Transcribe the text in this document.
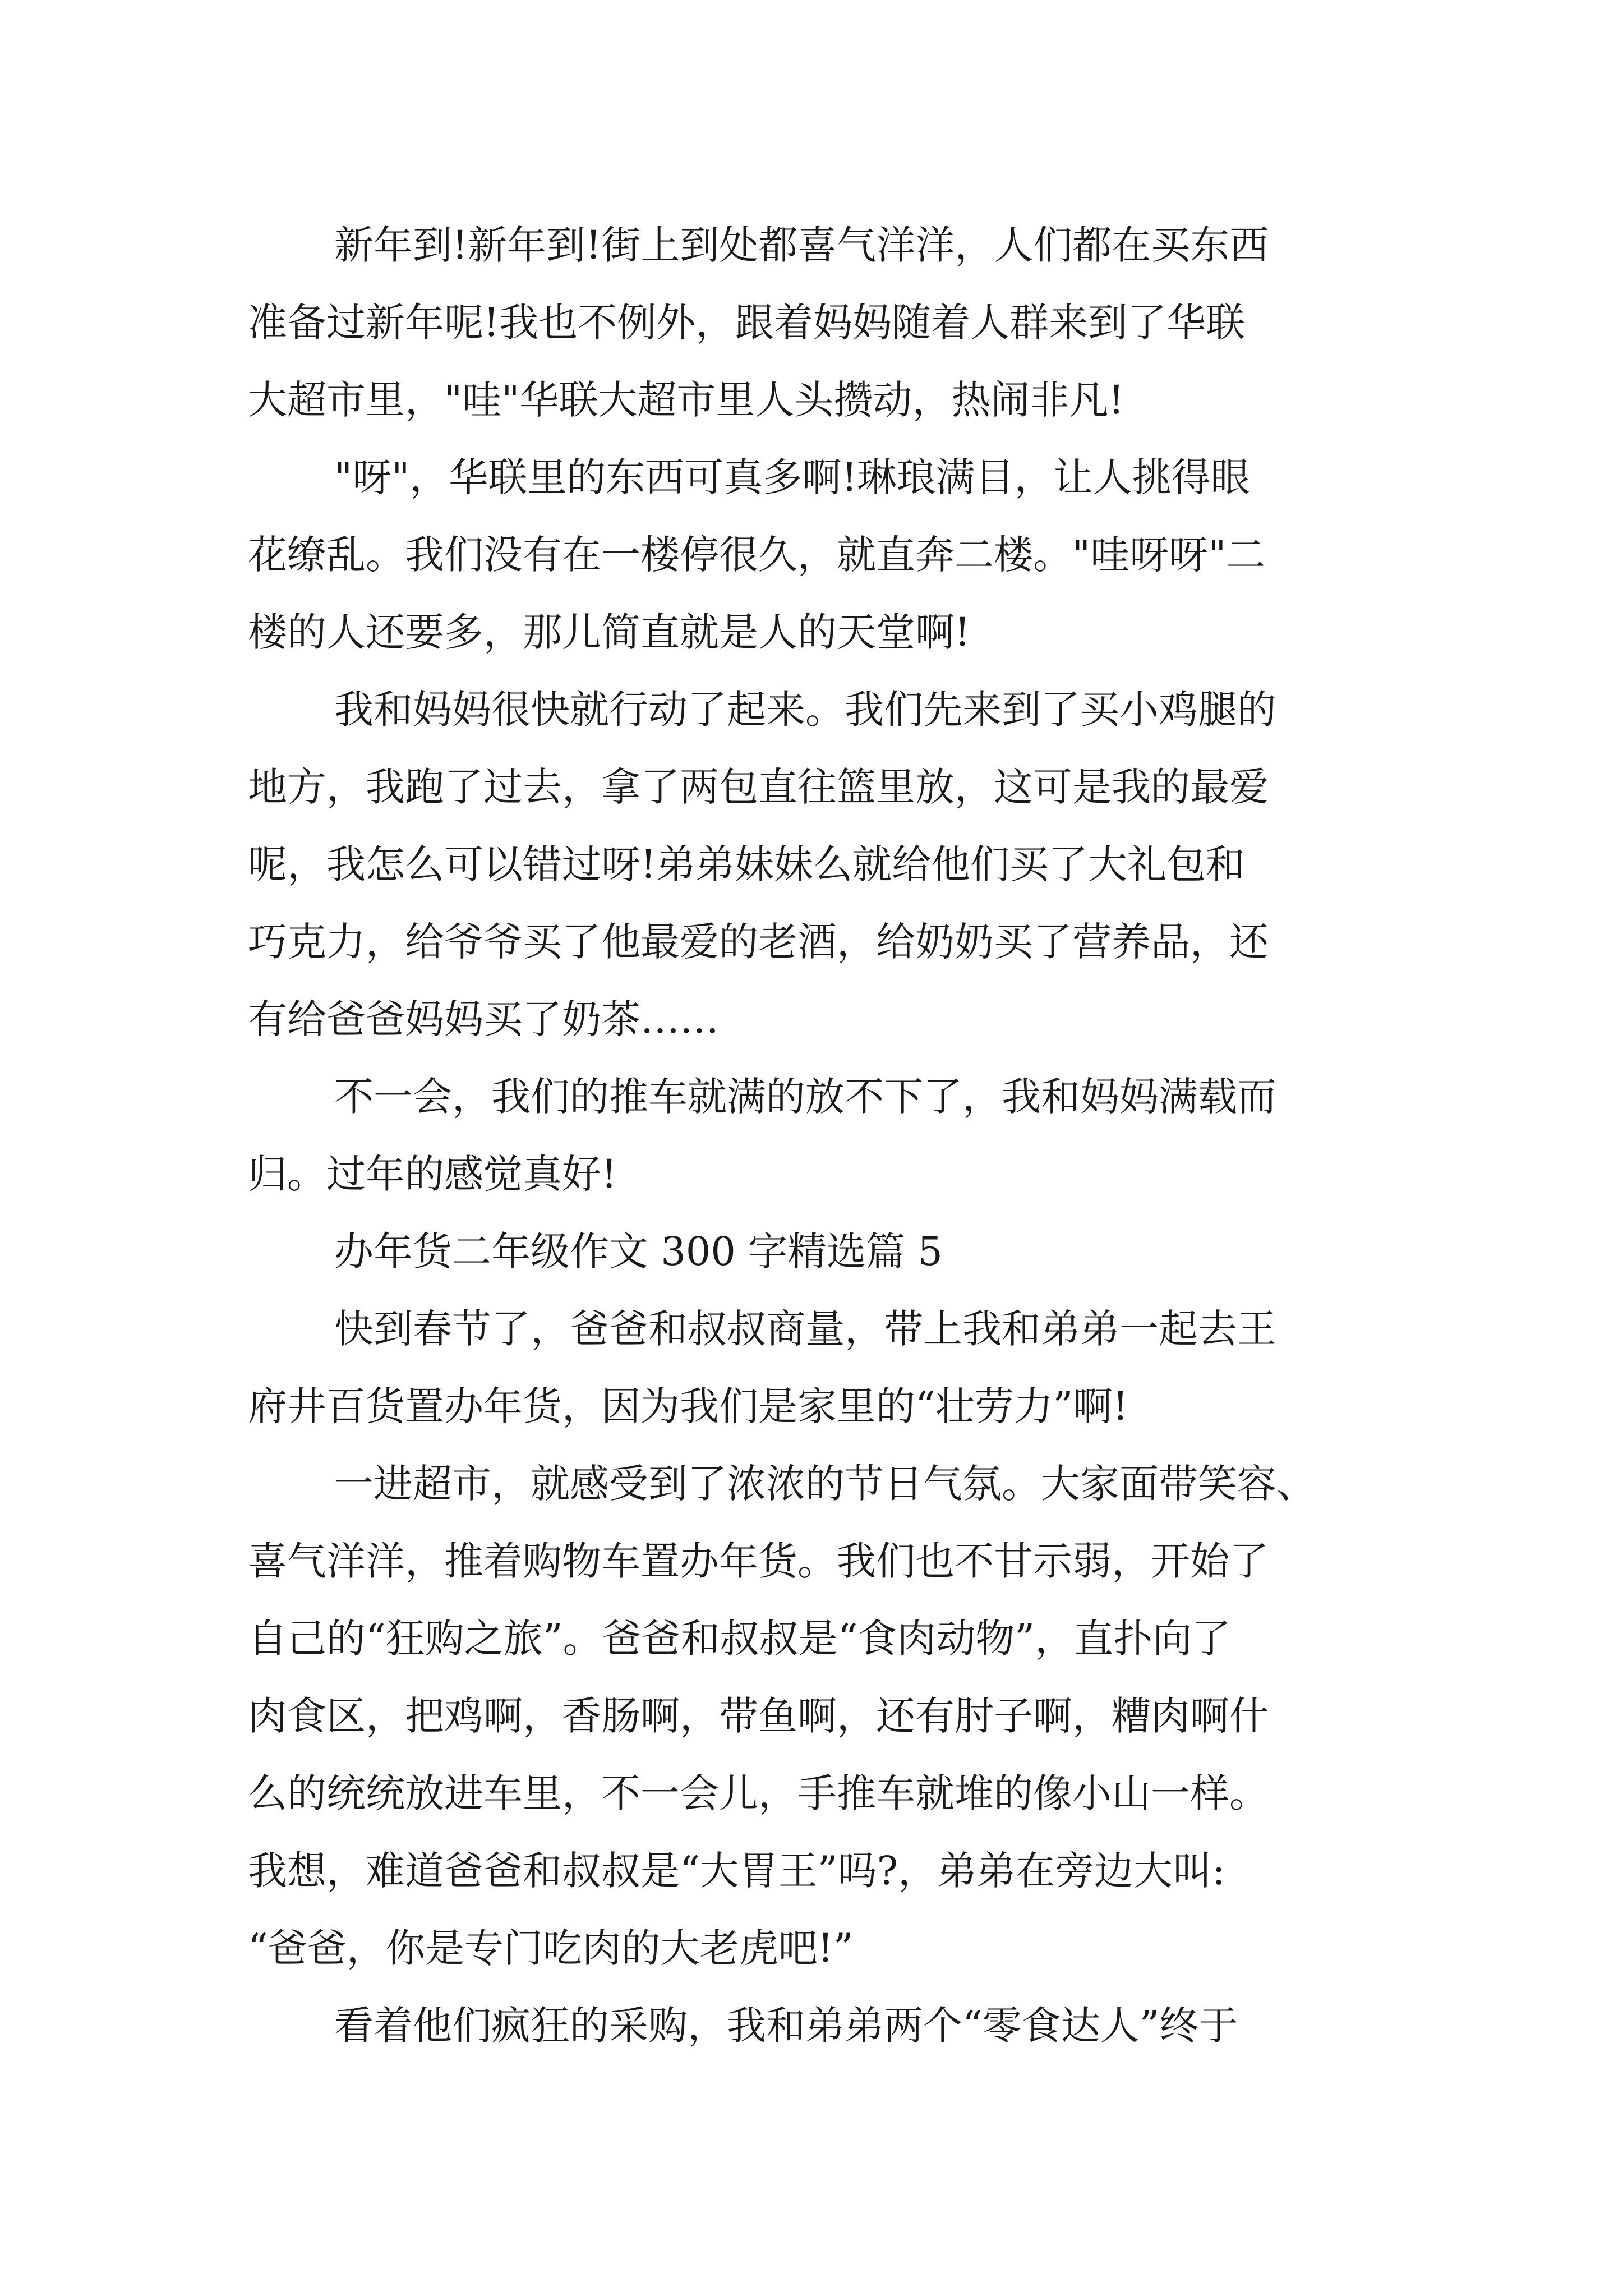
新年到!新年到!街上到处都喜气洋洋，人们都在买东西
准备过新年呢!我也不例外，跟着妈妈随着人群来到了华联
大超市里，"哇"华联大超市里人头攒动，热闹非凡!
"呀"，华联里的东西可真多啊!琳琅满目，让人挑得眼
花缭乱。我们没有在一楼停很久，就直奔二楼。"哇呀呀"二
楼的人还要多，那儿简直就是人的天堂啊!
我和妈妈很快就行动了起来。我们先来到了买小鸡腿的
地方，我跑了过去，拿了两包直往篮里放，这可是我的最爱
呢，我怎么可以错过呀!弟弟妹妹么就给他们买了大礼包和
巧克力，给爷爷买了他最爱的老酒，给奶奶买了营养品，还
有给爸爸妈妈买了奶茶……
不一会，我们的推车就满的放不下了，我和妈妈满载而
归。过年的感觉真好!
办年货二年级作文 300 字精选篇 5
快到春节了，爸爸和叔叔商量，带上我和弟弟一起去王
府井百货置办年货，因为我们是家里的“壮劳力”啊!
一进超市，就感受到了浓浓的节日气氛。大家面带笑容、
喜气洋洋，推着购物车置办年货。我们也不甘示弱，开始了
自己的“狂购之旅”。爸爸和叔叔是“食肉动物”，直扑向了
肉食区，把鸡啊，香肠啊，带鱼啊，还有肘子啊，糟肉啊什
么的统统放进车里，不一会儿，手推车就堆的像小山一样。
我想，难道爸爸和叔叔是“大胃王”吗?，弟弟在旁边大叫:
“爸爸，你是专门吃肉的大老虎吧!”
看着他们疯狂的采购，我和弟弟两个“零食达人”终于
